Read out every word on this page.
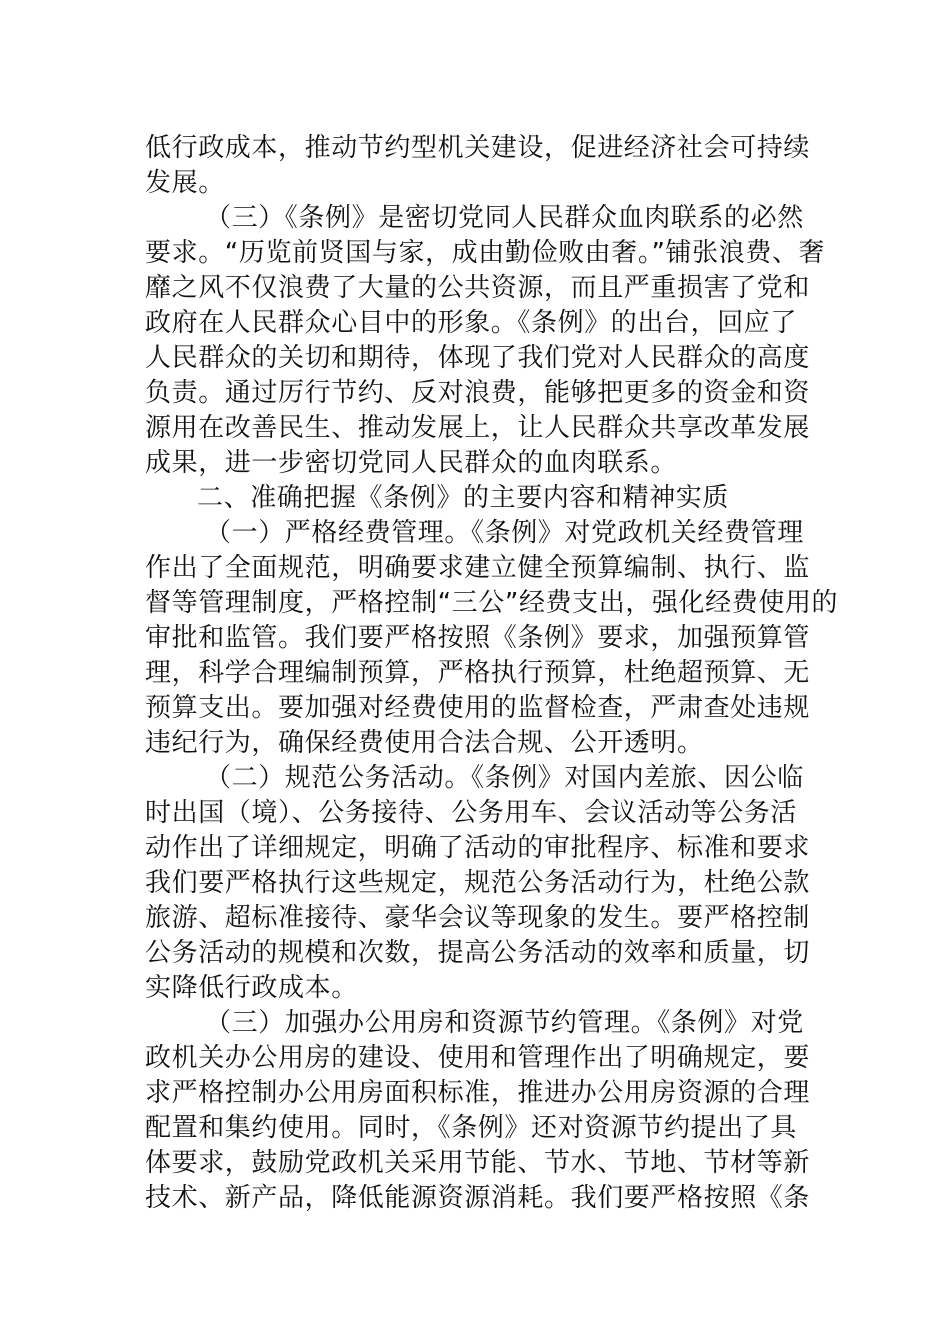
低行政成本，推动节约型机关建设，促进经济社会可持续

发展。

（三）《条例》是密切党同人民群众血肉联系的必然

要求。“历览前贤国与家，成由勤俭败由奢。”铺张浪费、奢

靡之风不仅浪费了大量的公共资源，而且严重损害了党和

政府在人民群众心目中的形象。《条例》的出台，回应了

人民群众的关切和期待，体现了我们党对人民群众的高度

负责。通过厉行节约、反对浪费，能够把更多的资金和资

源用在改善民生、推动发展上，让人民群众共享改革发展

成果，进一步密切党同人民群众的血肉联系。

二、准确把握《条例》的主要内容和精神实质

（一）严格经费管理。《条例》对党政机关经费管理

作出了全面规范，明确要求建立健全预算编制、执行、监

督等管理制度，严格控制“三公”经费支出，强化经费使用的

审批和监管。我们要严格按照《条例》要求，加强预算管

理，科学合理编制预算，严格执行预算，杜绝超预算、无

预算支出。要加强对经费使用的监督检查，严肃查处违规

违纪行为，确保经费使用合法合规、公开透明。

（二）规范公务活动。《条例》对国内差旅、因公临

时出国（境）、公务接待、公务用车、会议活动等公务活

动作出了详细规定，明确了活动的审批程序、标准和要求

我们要严格执行这些规定，规范公务活动行为，杜绝公款

旅游、超标准接待、豪华会议等现象的发生。要严格控制

公务活动的规模和次数，提高公务活动的效率和质量，切

实降低行政成本。

（三）加强办公用房和资源节约管理。《条例》对党

政机关办公用房的建设、使用和管理作出了明确规定，要

求严格控制办公用房面积标准，推进办公用房资源的合理

配置和集约使用。同时，《条例》还对资源节约提出了具

体要求，鼓励党政机关采用节能、节水、节地、节材等新

技术、新产品，降低能源资源消耗。我们要严格按照《条
